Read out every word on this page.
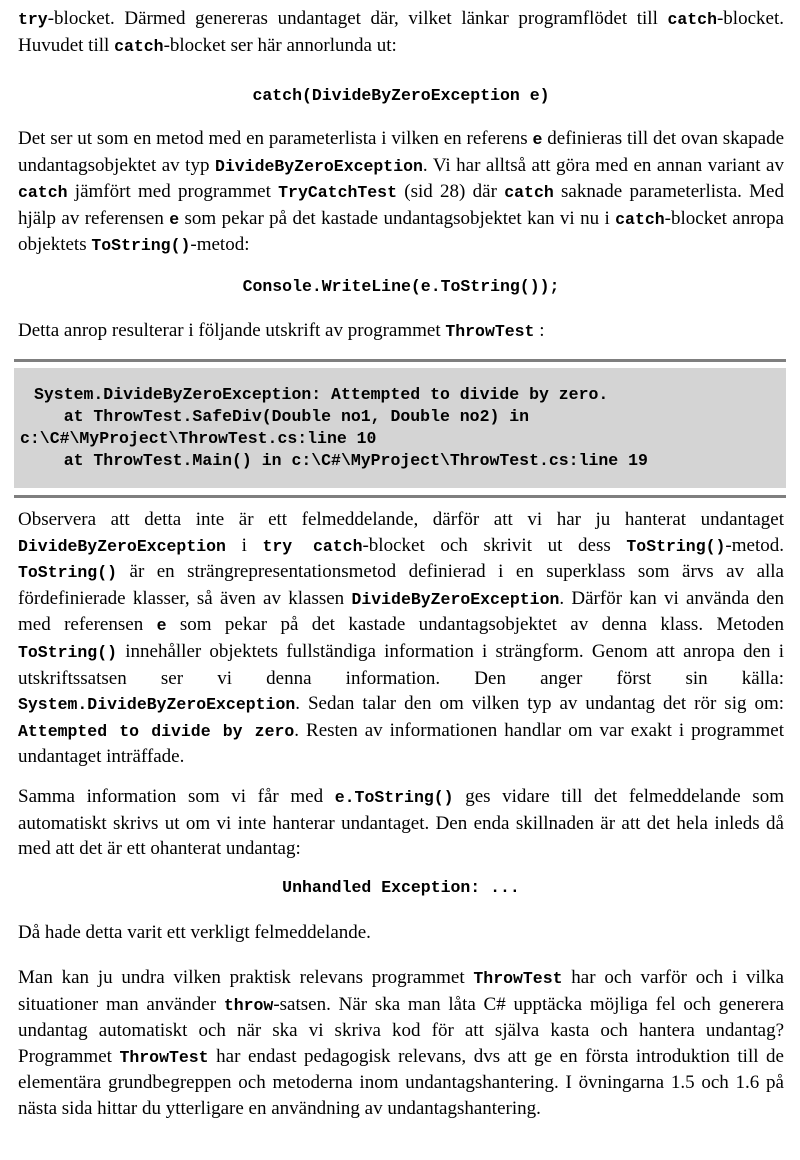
try-blocket. Därmed genereras undantaget där, vilket länkar programflödet till catch-blocket. Huvudet till catch-blocket ser här annorlunda ut:

catch(DivideByZeroException e)

Det ser ut som en metod med en parameterlista i vilken en referens e definieras till det ovan skapade undantagsobjektet av typ DivideByZeroException. Vi har alltså att göra med en annan variant av catch jämfört med programmet TryCatchTest (sid 28) där catch saknade parameterlista. Med hjälp av referensen e som pekar på det kastade undantagsobjektet kan vi nu i catch-blocket anropa objektets ToString()-metod:

Console.WriteLine(e.ToString());

Detta anrop resulterar i följande utskrift av programmet ThrowTest :

System.DivideByZeroException: Attempted to divide by zero.
at ThrowTest.SafeDiv(Double no1, Double no2) in
c:\C#\MyProject\ThrowTest.cs:line 10
at ThrowTest.Main() in c:\C#\MyProject\ThrowTest.cs:line 19

Observera att detta inte är ett felmeddelande, därför att vi har ju hanterat undantaget DivideByZeroException i try catch-blocket och skrivit ut dess ToString()-metod. ToString() är en strängrepresentationsmetod definierad i en superklass som ärvs av alla fördefinierade klasser, så även av klassen DivideByZeroException. Därför kan vi använda den med referensen e som pekar på det kastade undantagsobjektet av denna klass. Metoden ToString() innehåller objektets fullständiga information i strängform. Genom att anropa den i utskriftssatsen ser vi denna information. Den anger först sin källa: System.DivideByZeroException. Sedan talar den om vilken typ av undantag det rör sig om: Attempted to divide by zero. Resten av informationen handlar om var exakt i programmet undantaget inträffade.

Samma information som vi får med e.ToString() ges vidare till det felmeddelande som automatiskt skrivs ut om vi inte hanterar undantaget. Den enda skillnaden är att det hela inleds då med att det är ett ohanterat undantag:

Unhandled Exception: ...

Då hade detta varit ett verkligt felmeddelande.

Man kan ju undra vilken praktisk relevans programmet ThrowTest har och varför och i vilka situationer man använder throw-satsen. När ska man låta C# upptäcka möjliga fel och generera undantag automatiskt och när ska vi skriva kod för att själva kasta och hantera undantag? Programmet ThrowTest har endast pedagogisk relevans, dvs att ge en första introduktion till de elementära grundbegreppen och metoderna inom undantagshantering. I övningarna 1.5 och 1.6 på nästa sida hittar du ytterligare en användning av undantagshantering.
